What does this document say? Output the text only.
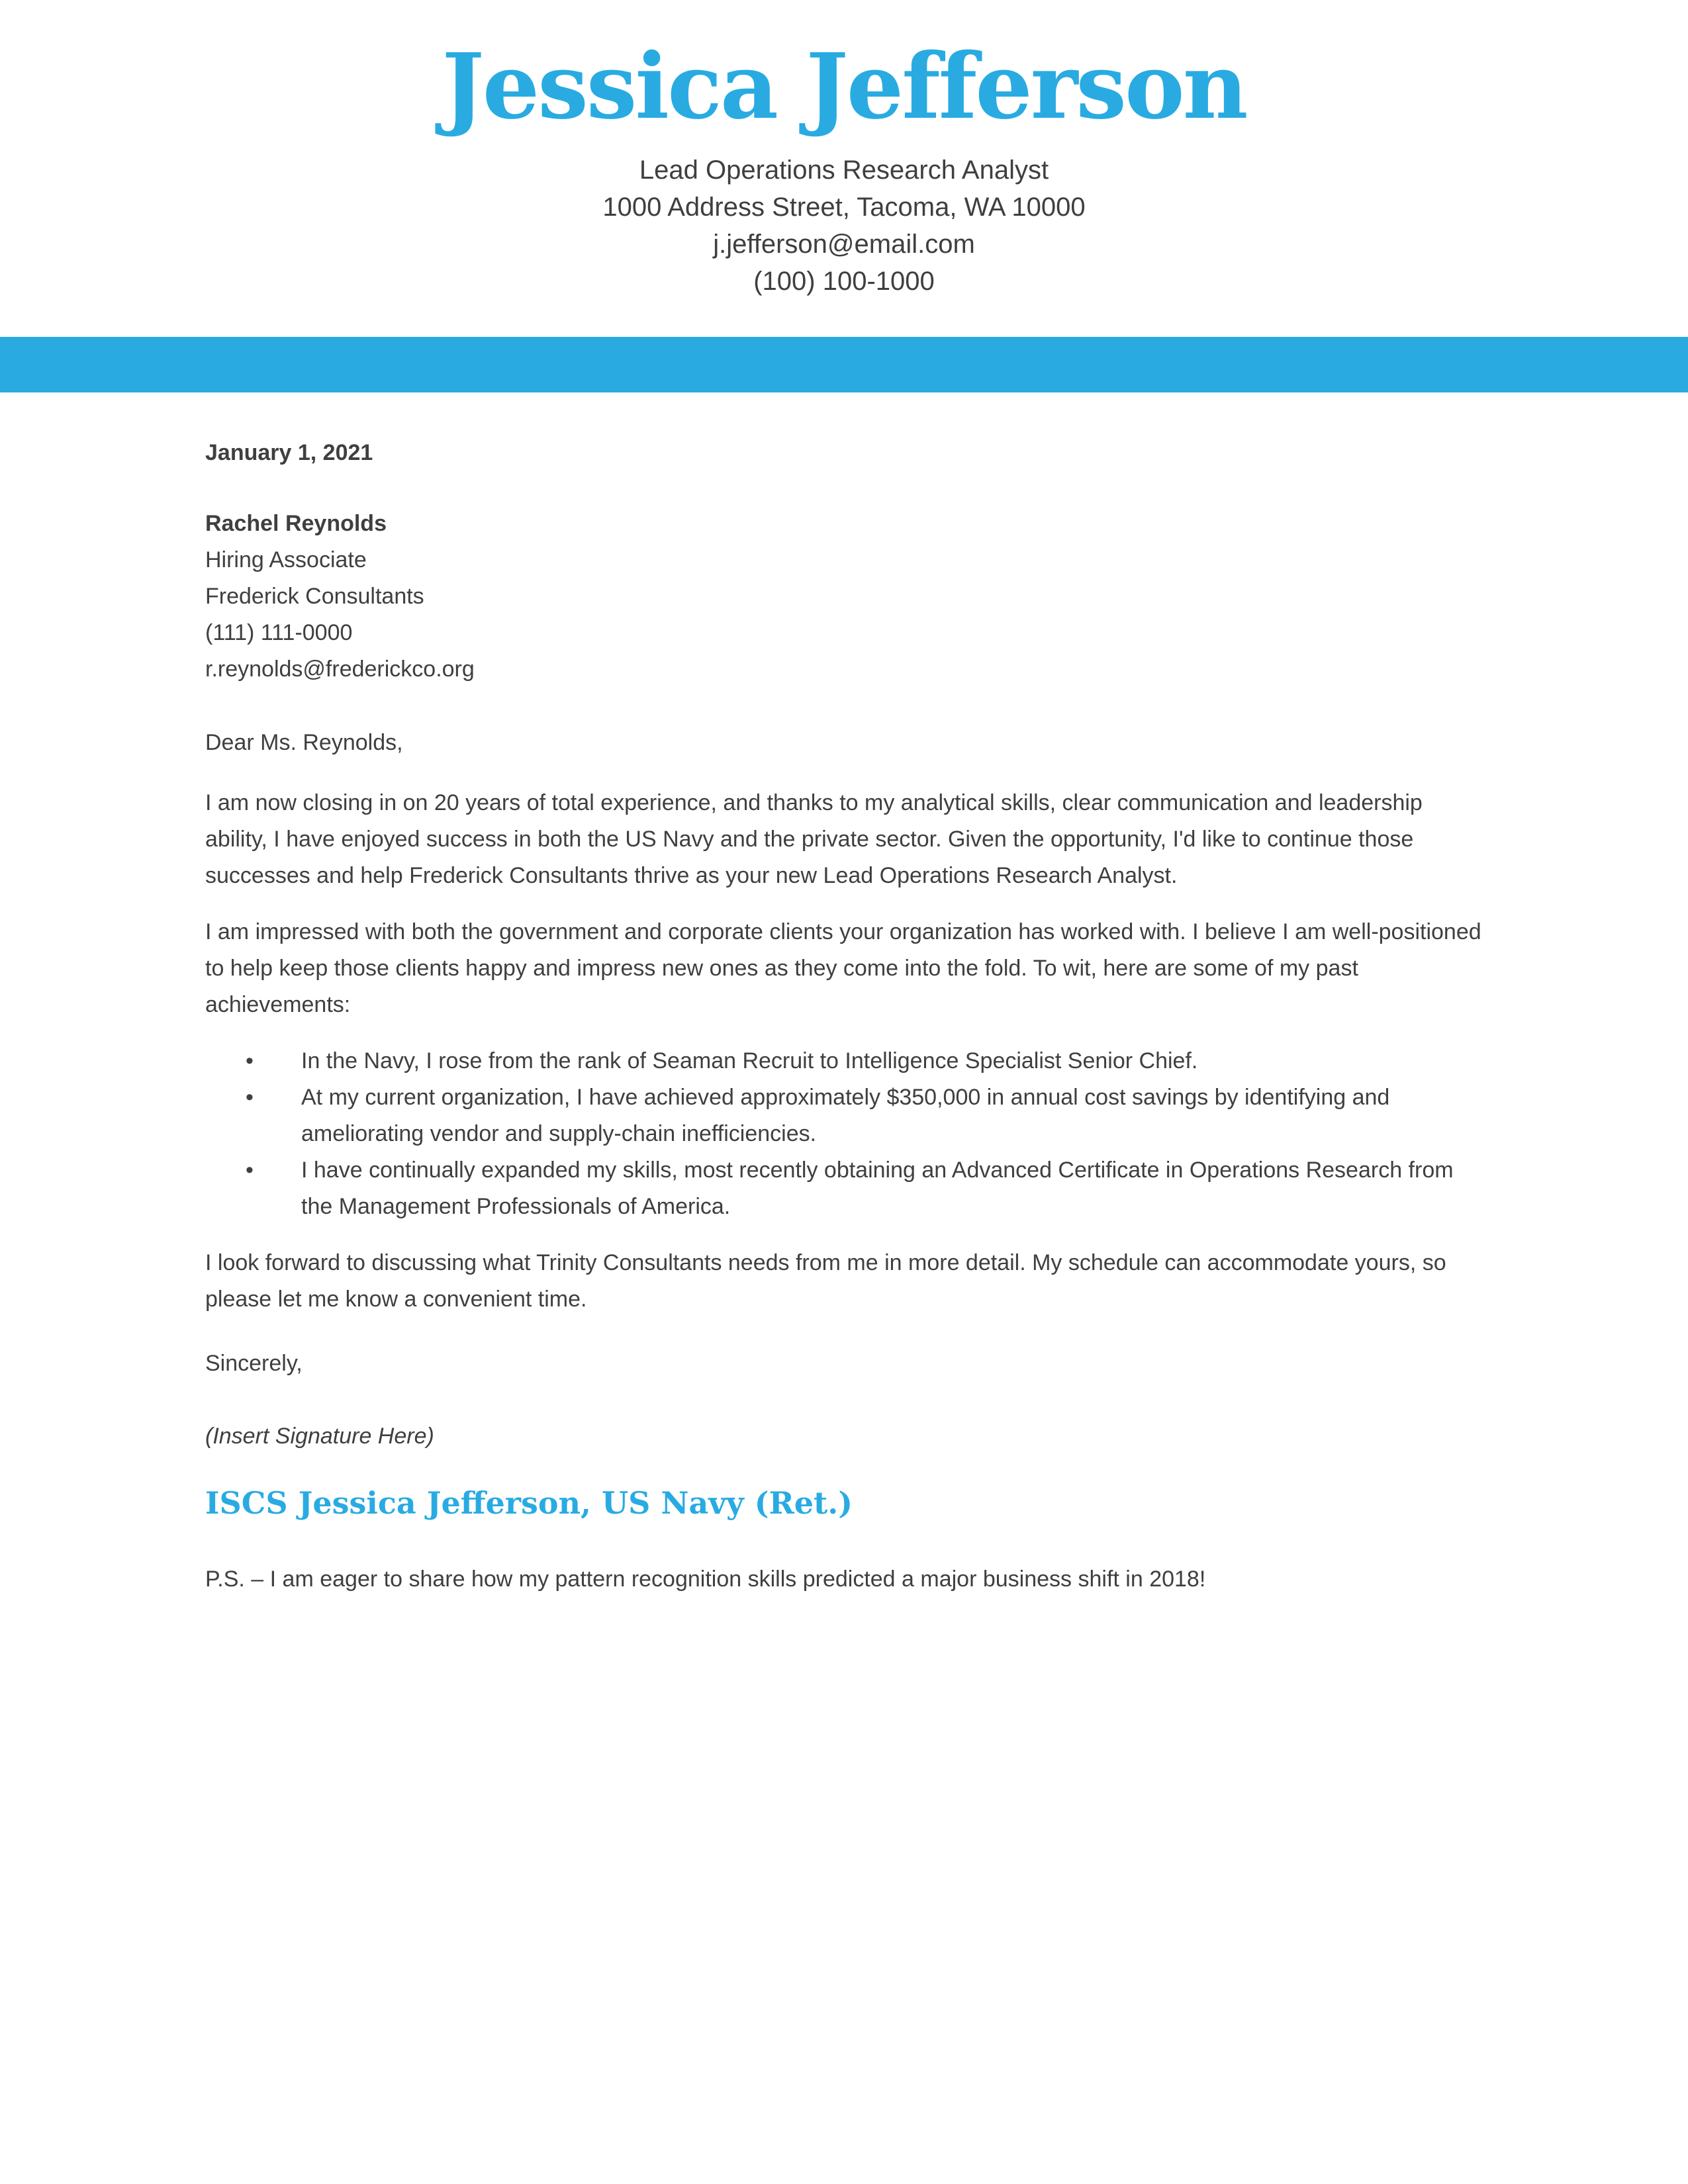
Jessica Jefferson
Lead Operations Research Analyst
1000 Address Street, Tacoma, WA 10000
j.jefferson@email.com
(100) 100-1000

January 1, 2021

Rachel Reynolds
Hiring Associate
Frederick Consultants
(111) 111-0000
r.reynolds@frederickco.org

Dear Ms. Reynolds,

I am now closing in on 20 years of total experience, and thanks to my analytical skills, clear communication and leadership ability, I have enjoyed success in both the US Navy and the private sector. Given the opportunity, I'd like to continue those successes and help Frederick Consultants thrive as your new Lead Operations Research Analyst.

I am impressed with both the government and corporate clients your organization has worked with. I believe I am well-positioned to help keep those clients happy and impress new ones as they come into the fold. To wit, here are some of my past achievements:

•	In the Navy, I rose from the rank of Seaman Recruit to Intelligence Specialist Senior Chief.
•	At my current organization, I have achieved approximately $350,000 in annual cost savings by identifying and ameliorating vendor and supply-chain inefficiencies.
•	I have continually expanded my skills, most recently obtaining an Advanced Certificate in Operations Research from the Management Professionals of America.

I look forward to discussing what Trinity Consultants needs from me in more detail. My schedule can accommodate yours, so please let me know a convenient time.

Sincerely,

(Insert Signature Here)

ISCS Jessica Jefferson, US Navy (Ret.)

P.S. – I am eager to share how my pattern recognition skills predicted a major business shift in 2018!
